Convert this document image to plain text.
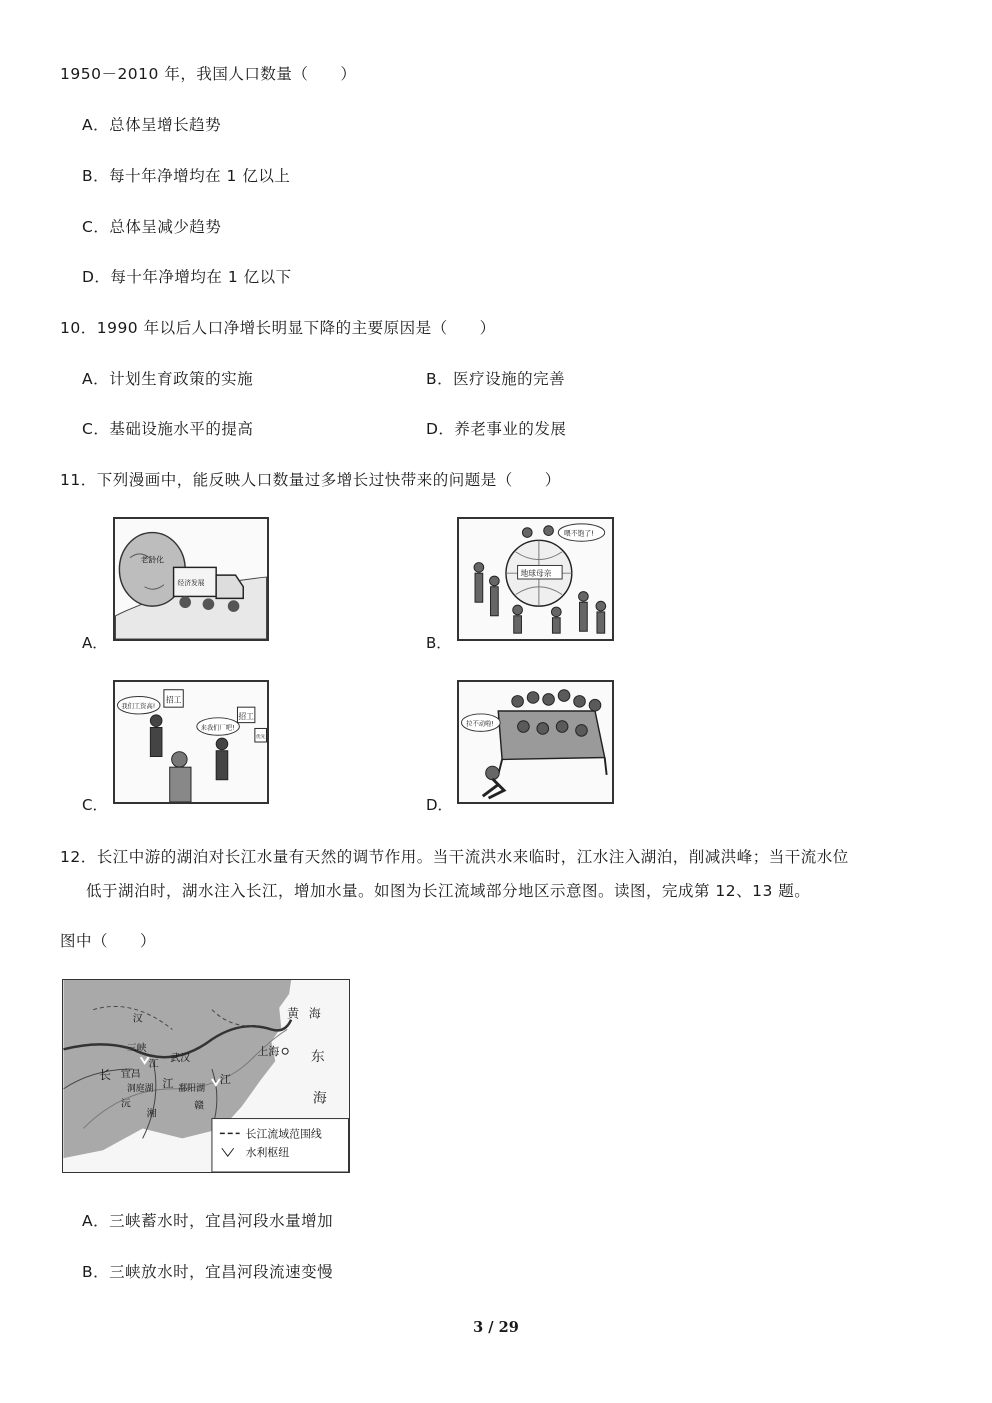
1950－2010 年，我国人口数量（　　）
A．总体呈增长趋势
B．每十年净增均在 1 亿以上
C．总体呈减少趋势
D．每十年净增均在 1 亿以下
10．1990 年以后人口净增长明显下降的主要原因是（　　）
A．计划生育政策的实施	B．医疗设施的完善
C．基础设施水平的提高	D．养老事业的发展
11．下列漫画中，能反映人口数量过多增长过快带来的问题是（　　）
A．
老龄化
经济发展
B．
地球母亲
喂不饱了!
C．
我们工资高!
招工
来我们厂吧!
招工
优先
D．
拉不动啦!
12．长江中游的湖泊对长江水量有天然的调节作用。当干流洪水来临时，江水注入湖泊，削减洪峰；当干流水位
低于湖泊时，湖水注入长江，增加水量。如图为长江流域部分地区示意图。读图，完成第 12、13 题。
图中（　　）
长江流域范围线
水利枢纽
黄 海
东
海
上海
三峡
武汉
宜昌
洞庭湖	鄱阳湖
长
江	江
江
汉
沅
湘
赣
A．三峡蓄水时，宜昌河段水量增加
B．三峡放水时，宜昌河段流速变慢
3 / 29
